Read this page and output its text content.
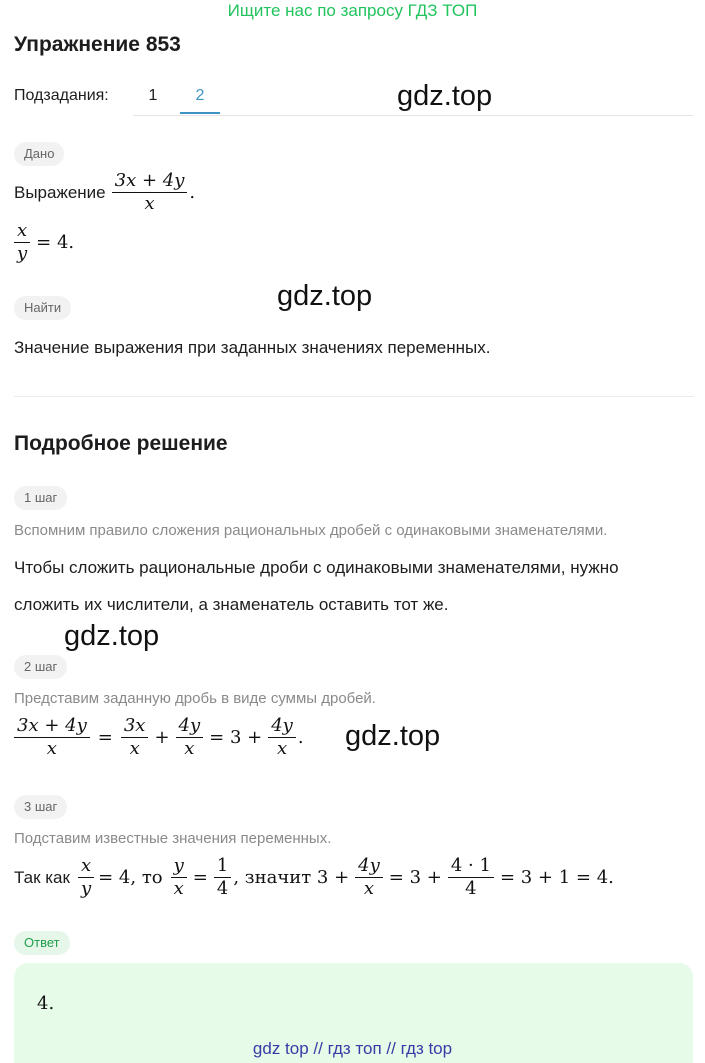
Ищите нас по запросу ГДЗ ТОП
Упражнение 853
Подзадания:	1	2	gdz.top
Дано
Выражение $\frac{3x + 4y}{x}$ .
$\frac{x}{y} = 4$.
Найти	gdz.top
Значение выражения при заданных значениях переменных.
Подробное решение
1 шаг
Вспомним правило сложения рациональных дробей с одинаковыми знаменателями.
Чтобы сложить рациональные дроби с одинаковыми знаменателями, нужно
сложить их числители, а знаменатель оставить тот же.
gdz.top
2 шаг
Представим заданную дробь в виде суммы дробей.
$\frac{3x + 4y}{x} = \frac{3x}{x} + \frac{4y}{x} = 3 + \frac{4y}{x}$ . gdz.top
3 шаг
Подставим известные значения переменных.
Так как $\frac{x}{y} = 4$, то $\frac{y}{x} = \frac{1}{4}$ , значит $3 + \frac{4y}{x} = 3 + \frac{4 \cdot 1}{4} = 3 + 1 = 4$.
Ответ
4.
gdz top // гдз топ // гдз top
